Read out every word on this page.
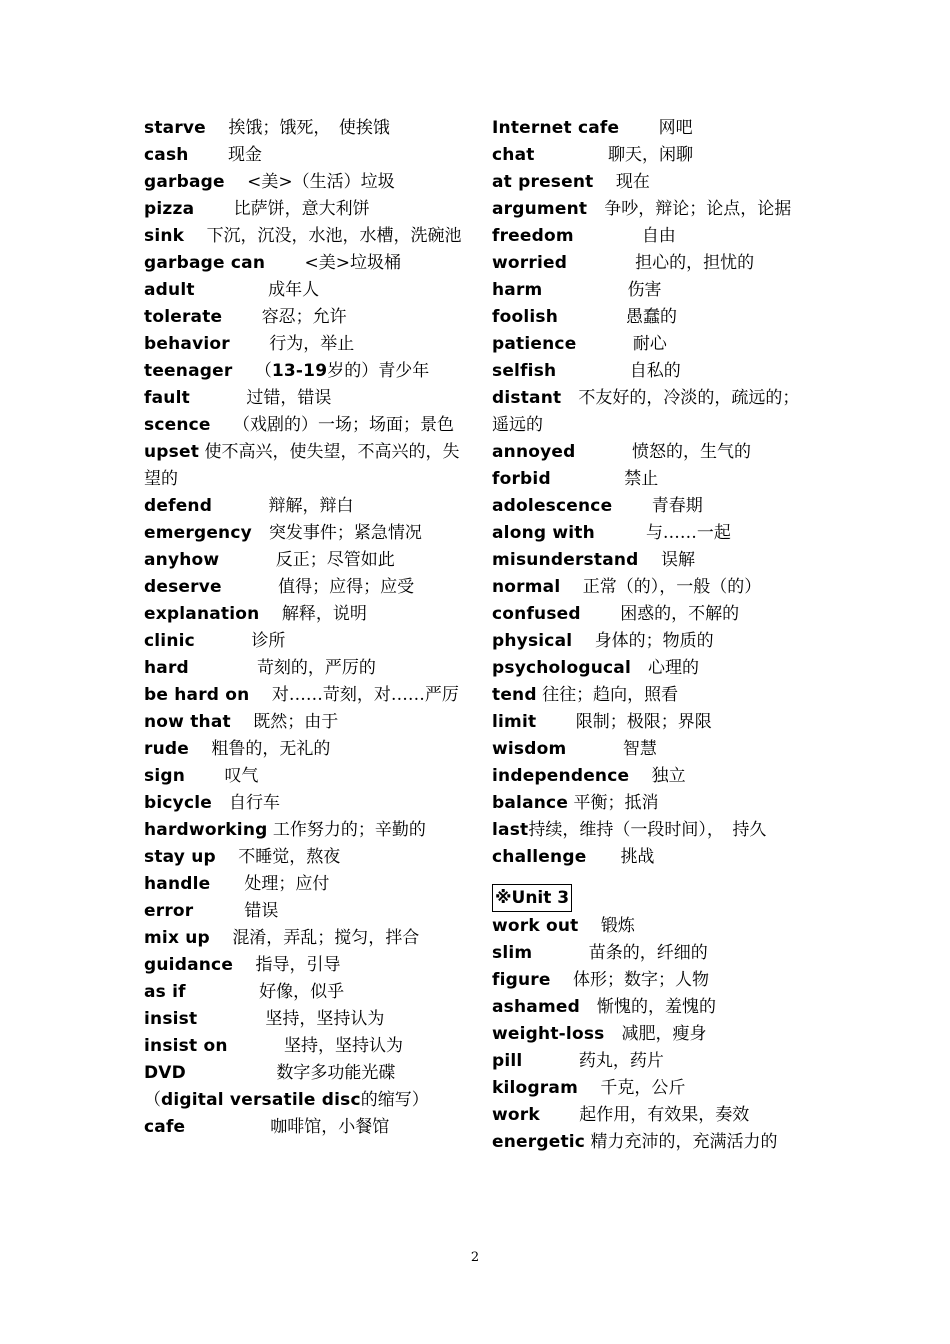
starve　 挨饿；饿死，　使挨饿
cash　　 现金
garbage　 <美>（生活）垃圾
pizza　　 比萨饼，意大利饼
sink　 下沉，沉没，水池，水槽，洗碗池
garbage can　　 <美>垃圾桶
adult　　　　	成年人
tolerate　　 容忍；允许
behavior　　 行为，举止
teenager　 （13-19岁的）青少年
fault　　　	过错，错误
scence　 （戏剧的）一场；场面；景色
upset 使不高兴，使失望，不高兴的，失望的
defend　　　	辩解，辩白
emergency　 突发事件；紧急情况
anyhow　　　	反正；尽管如此
deserve　　　	值得；应得；应受
explanation　 解释，说明
clinic　　　	诊所
hard　　　　	苛刻的，严厉的
be hard on　 对……苛刻，对……严厉
now that　 既然；由于
rude　 粗鲁的，无礼的
sign　　 叹气
bicycle　 自行车
hardworking 工作努力的；辛勤的
stay up　 不睡觉，熬夜
handle　　 处理；应付
error　　　	错误
mix up　 混淆，弄乱；搅匀，拌合
guidance　 指导，引导
as if　　　　	好像，似乎
insist　　　　	坚持，坚持认为
insist on　　　	坚持，坚持认为
DVD　　　　　	数字多功能光碟
（digital versatile disc的缩写）
cafe　　　　　	咖啡馆，小餐馆
Internet cafe　　 网吧
chat　　　　	聊天，闲聊
at present　 现在
argument　 争吵，辩论；论点，论据
freedom　　　　	自由
worried　　　　	担心的，担忧的
harm　　　　　	伤害
foolish　　　　	愚蠢的
patience　　　	耐心
selfish　　　　	自私的
distant　 不友好的，冷淡的，疏远的；遥远的
annoyed　　　	愤怒的，生气的
forbid　　　　	禁止
adolescence　　 青春期
along with　　　	与……一起
misunderstand　 误解
normal　 正常（的），一般（的）
confused　　 困惑的，不解的
physical　 身体的；物质的
psychologucal　 心理的
tend 往往；趋向，照看
limit　　 限制；极限；界限
wisdom　　　	智慧
independence　 独立
balance 平衡；抵消
last持续，维持（一段时间），　持久
challenge　　 挑战
※Unit 3
work out　 锻炼
slim　　　	苗条的，纤细的
figure　 体形；数字；人物
ashamed　 惭愧的，羞愧的
weight-loss　 减肥，瘦身
pill　　　	药丸，药片
kilogram　 千克，公斤
work　　 起作用，有效果，奏效
energetic 精力充沛的，充满活力的
2
